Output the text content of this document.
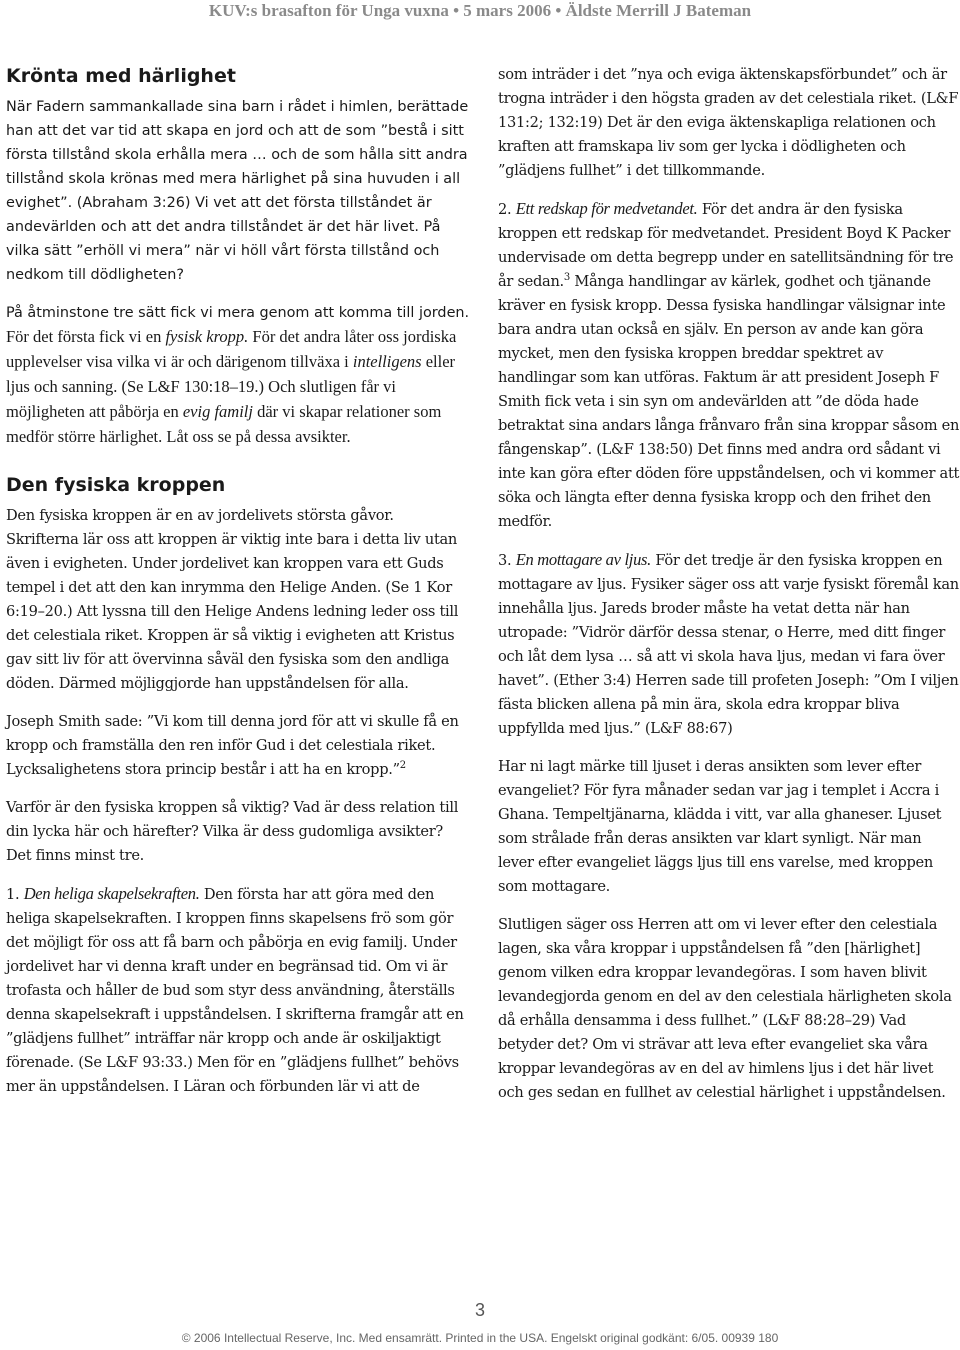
KUV:s brasafton för Unga vuxna • 5 mars 2006 • Äldste Merrill J Bateman
Krönta med härlighet

När Fadern sammankallade sina barn i rådet i himlen, berättade han att det var tid att skapa en jord och att de som ”bestå i sitt första tillstånd skola erhålla mera … och de som hålla sitt andra tillstånd skola krönas med mera härlighet på sina huvuden i all evighet”. (Abraham 3:26) Vi vet att det första tillståndet är andevärlden och att det andra tillståndet är det här livet. På vilka sätt ”erhöll vi mera” när vi höll vårt första tillstånd och nedkom till dödligheten?

På åtminstone tre sätt fick vi mera genom att komma till jorden. För det första fick vi en fysisk kropp. För det andra låter oss jordiska upplevelser visa vilka vi är och därigenom tillväxa i intelligens eller ljus och sanning. (Se L&F 130:18–19.) Och slutligen får vi möjligheten att påbörja en evig familj där vi skapar relationer som medför större härlighet. Låt oss se på dessa avsikter.

Den fysiska kroppen

Den fysiska kroppen är en av jordelivets största gåvor. Skrifterna lär oss att kroppen är viktig inte bara i detta liv utan även i evigheten. Under jordelivet kan kroppen vara ett Guds tempel i det att den kan inrymma den Helige Anden. (Se 1 Kor 6:19–20.) Att lyssna till den Helige Andens ledning leder oss till det celestiala riket. Kroppen är så viktig i evigheten att Kristus gav sitt liv för att övervinna såväl den fysiska som den andliga döden. Därmed möjliggjorde han uppståndelsen för alla.

Joseph Smith sade: ”Vi kom till denna jord för att vi skulle få en kropp och framställa den ren inför Gud i det celestiala riket. Lycksalighetens stora princip består i att ha en kropp.”$^2$

Varför är den fysiska kroppen så viktig? Vad är dess relation till din lycka här och härefter? Vilka är dess gudomliga avsikter? Det finns minst tre.

1. Den heliga skapelsekraften. Den första har att göra med den heliga skapelsekraften. I kroppen finns skapelsens frö som gör det möjligt för oss att få barn och påbörja en evig familj. Under jordelivet har vi denna kraft under en begränsad tid. Om vi är trofasta och håller de bud som styr dess användning, återställs denna skapelsekraft i uppståndelsen. I skrifterna framgår att en ”glädjens fullhet” inträffar när kropp och ande är oskiljaktigt förenade. (Se L&F 93:33.) Men för en ”glädjens fullhet” behövs mer än uppståndelsen. I Läran och förbunden lär vi att de

som inträder i det ”nya och eviga äktenskapsförbundet” och är trogna inträder i den högsta graden av det celestiala riket. (L&F 131:2; 132:19) Det är den eviga äktenskapliga relationen och kraften att framskapa liv som ger lycka i dödligheten och ”glädjens fullhet” i det tillkommande.

2. Ett redskap för medvetandet. För det andra är den fysiska kroppen ett redskap för medvetandet. President Boyd K Packer undervisade om detta begrepp under en satellitsändning för tre år sedan.$^3$ Många handlingar av kärlek, godhet och tjänande kräver en fysisk kropp. Dessa fysiska handlingar välsignar inte bara andra utan också en själv. En person av ande kan göra mycket, men den fysiska kroppen breddar spektret av handlingar som kan utföras. Faktum är att president Joseph F Smith fick veta i sin syn om andevärlden att ”de döda hade betraktat sina andars långa frånvaro från sina kroppar såsom en fångenskap”. (L&F 138:50) Det finns med andra ord sådant vi inte kan göra efter döden före uppståndelsen, och vi kommer att söka och längta efter denna fysiska kropp och den frihet den medför.

3. En mottagare av ljus. För det tredje är den fysiska kroppen en mottagare av ljus. Fysiker säger oss att varje fysiskt föremål kan innehålla ljus. Jareds broder måste ha vetat detta när han utropade: ”Vidrör därför dessa stenar, o Herre, med ditt finger och låt dem lysa … så att vi skola hava ljus, medan vi fara över havet”. (Ether 3:4) Herren sade till profeten Joseph: ”Om I viljen fästa blicken allena på min ära, skola edra kroppar bliva uppfyllda med ljus.” (L&F 88:67)

Har ni lagt märke till ljuset i deras ansikten som lever efter evangeliet? För fyra månader sedan var jag i templet i Accra i Ghana. Tempeltjänarna, klädda i vitt, var alla ghaneser. Ljuset som strålade från deras ansikten var klart synligt. När man lever efter evangeliet läggs ljus till ens varelse, med kroppen som mottagare.

Slutligen säger oss Herren att om vi lever efter den celestiala lagen, ska våra kroppar i uppståndelsen få ”den [härlighet] genom vilken edra kroppar levandegöras. I som haven blivit levandegjorda genom en del av den celestiala härligheten skola då erhålla densamma i dess fullhet.” (L&F 88:28–29) Vad betyder det? Om vi strävar att leva efter evangeliet ska våra kroppar levandegöras av en del av himlens ljus i det här livet och ges sedan en fullhet av celestial härlighet i uppståndelsen.

3
© 2006 Intellectual Reserve, Inc. Med ensamrätt. Printed in the USA. Engelskt original godkänt: 6/05. 00939 180
